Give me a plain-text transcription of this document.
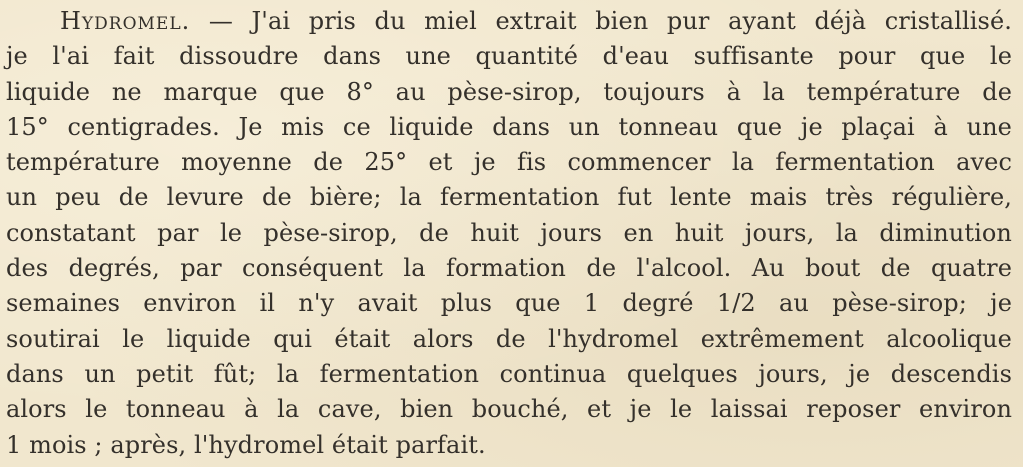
Hydromel. — J'ai pris du miel extrait bien pur ayant déjà cristallisé.
je l'ai fait dissoudre dans une quantité d'eau suffisante pour que le
liquide ne marque que 8° au pèse-sirop, toujours à la température de
15° centigrades. Je mis ce liquide dans un tonneau que je plaçai à une
température moyenne de 25° et je fis commencer la fermentation avec
un peu de levure de bière; la fermentation fut lente mais très régulière,
constatant par le pèse-sirop, de huit jours en huit jours, la diminution
des degrés, par conséquent la formation de l'alcool. Au bout de quatre
semaines environ il n'y avait plus que 1 degré 1/2 au pèse-sirop; je
soutirai le liquide qui était alors de l'hydromel extrêmement alcoolique
dans un petit fût; la fermentation continua quelques jours, je descendis
alors le tonneau à la cave, bien bouché, et je le laissai reposer environ
1 mois ; après, l'hydromel était parfait.
